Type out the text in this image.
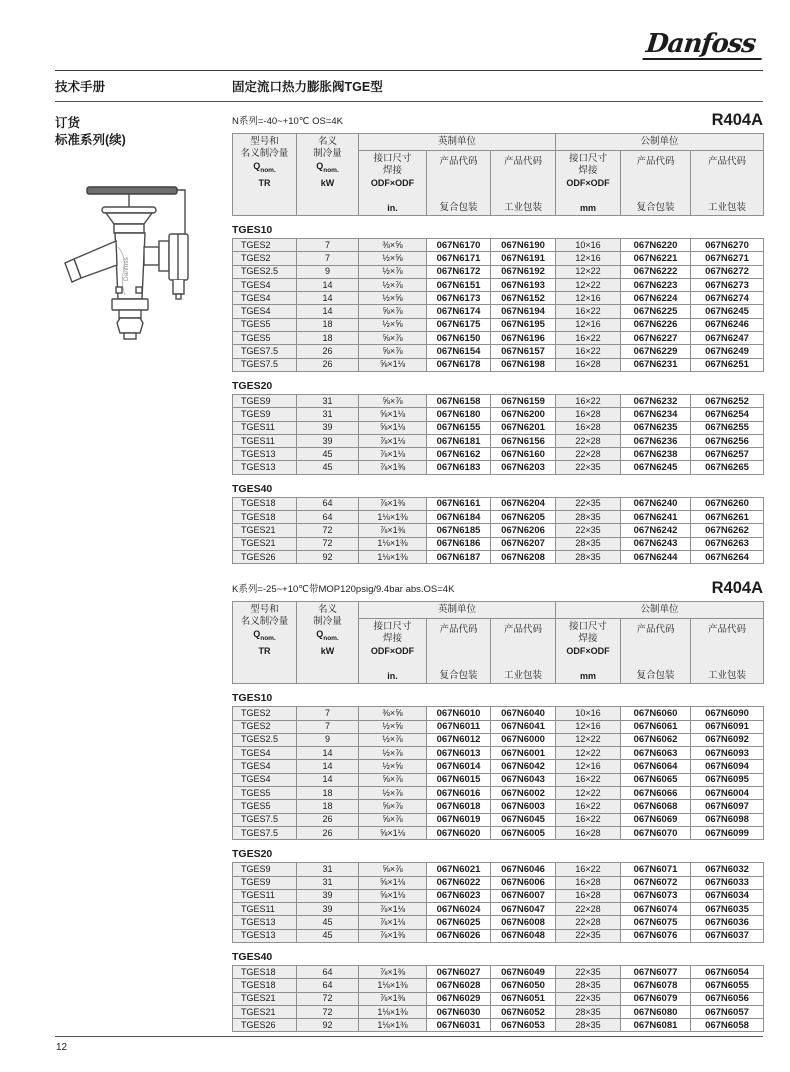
Danfoss
技术手册	固定流口热力膨胀阀TGE型
订货
标准系列(续)
Danfoss
N系列=-40~+10℃ OS=4K	R404A
型号和
名义制冷量
$Q_{nom.}$
TR

名义
制冷量
$Q_{nom.}$
kW
	英制单位	公制单位

接口尺寸
焊接
ODF×ODF
in.

产品代码
复合包装

产品代码
工业包装

接口尺寸
焊接
ODF×ODF
mm

产品代码
复合包装

产品代码
工业包装
TGES10
TGES2	7	⅜×⅝	067N6170	067N6190	10×16	067N6220	067N6270
TGES2	7	½×⅝	067N6171	067N6191	12×16	067N6221	067N6271
TGES2.5	9	½×⅞	067N6172	067N6192	12×22	067N6222	067N6272
TGES4	14	½×⅞	067N6151	067N6193	12×22	067N6223	067N6273
TGES4	14	½×⅝	067N6173	067N6152	12×16	067N6224	067N6274
TGES4	14	⅝×⅞	067N6174	067N6194	16×22	067N6225	067N6245
TGES5	18	½×⅝	067N6175	067N6195	12×16	067N6226	067N6246
TGES5	18	⅝×⅞	067N6150	067N6196	16×22	067N6227	067N6247
TGES7.5	26	⅝×⅞	067N6154	067N6157	16×22	067N6229	067N6249
TGES7.5	26	⅝×1⅛	067N6178	067N6198	16×28	067N6231	067N6251
TGES20
TGES9	31	⅝×⅞	067N6158	067N6159	16×22	067N6232	067N6252
TGES9	31	⅝×1⅛	067N6180	067N6200	16×28	067N6234	067N6254
TGES11	39	⅝×1⅛	067N6155	067N6201	16×28	067N6235	067N6255
TGES11	39	⅞×1⅛	067N6181	067N6156	22×28	067N6236	067N6256
TGES13	45	⅞×1⅛	067N6162	067N6160	22×28	067N6238	067N6257
TGES13	45	⅞×1⅜	067N6183	067N6203	22×35	067N6245	067N6265
TGES40
TGES18	64	⅞×1⅜	067N6161	067N6204	22×35	067N6240	067N6260
TGES18	64	1⅛×1⅜	067N6184	067N6205	28×35	067N6241	067N6261
TGES21	72	⅞×1⅜	067N6185	067N6206	22×35	067N6242	067N6262
TGES21	72	1⅛×1⅜	067N6186	067N6207	28×35	067N6243	067N6263
TGES26	92	1⅛×1⅜	067N6187	067N6208	28×35	067N6244	067N6264
K系列=-25~+10℃带MOP120psig/9.4bar abs.OS=4K	R404A
型号和
名义制冷量
$Q_{nom.}$
TR

名义
制冷量
$Q_{nom.}$
kW
	英制单位	公制单位

接口尺寸
焊接
ODF×ODF
in.

产品代码
复合包装

产品代码
工业包装

接口尺寸
焊接
ODF×ODF
mm

产品代码
复合包装

产品代码
工业包装
TGES10
TGES2	7	⅜×⅝	067N6010	067N6040	10×16	067N6060	067N6090
TGES2	7	½×⅝	067N6011	067N6041	12×16	067N6061	067N6091
TGES2.5	9	½×⅞	067N6012	067N6000	12×22	067N6062	067N6092
TGES4	14	½×⅞	067N6013	067N6001	12×22	067N6063	067N6093
TGES4	14	½×⅝	067N6014	067N6042	12×16	067N6064	067N6094
TGES4	14	⅝×⅞	067N6015	067N6043	16×22	067N6065	067N6095
TGES5	18	½×⅞	067N6016	067N6002	12×22	067N6066	067N6004
TGES5	18	⅝×⅞	067N6018	067N6003	16×22	067N6068	067N6097
TGES7.5	26	⅝×⅞	067N6019	067N6045	16×22	067N6069	067N6098
TGES7.5	26	⅝×1⅛	067N6020	067N6005	16×28	067N6070	067N6099
TGES20
TGES9	31	⅝×⅞	067N6021	067N6046	16×22	067N6071	067N6032
TGES9	31	⅝×1⅛	067N6022	067N6006	16×28	067N6072	067N6033
TGES11	39	⅝×1⅛	067N6023	067N6007	16×28	067N6073	067N6034
TGES11	39	⅞×1⅛	067N6024	067N6047	22×28	067N6074	067N6035
TGES13	45	⅞×1⅛	067N6025	067N6008	22×28	067N6075	067N6036
TGES13	45	⅞×1⅜	067N6026	067N6048	22×35	067N6076	067N6037
TGES40
TGES18	64	⅞×1⅜	067N6027	067N6049	22×35	067N6077	067N6054
TGES18	64	1⅛×1⅜	067N6028	067N6050	28×35	067N6078	067N6055
TGES21	72	⅞×1⅜	067N6029	067N6051	22×35	067N6079	067N6056
TGES21	72	1⅛×1⅜	067N6030	067N6052	28×35	067N6080	067N6057
TGES26	92	1⅛×1⅜	067N6031	067N6053	28×35	067N6081	067N6058
12
